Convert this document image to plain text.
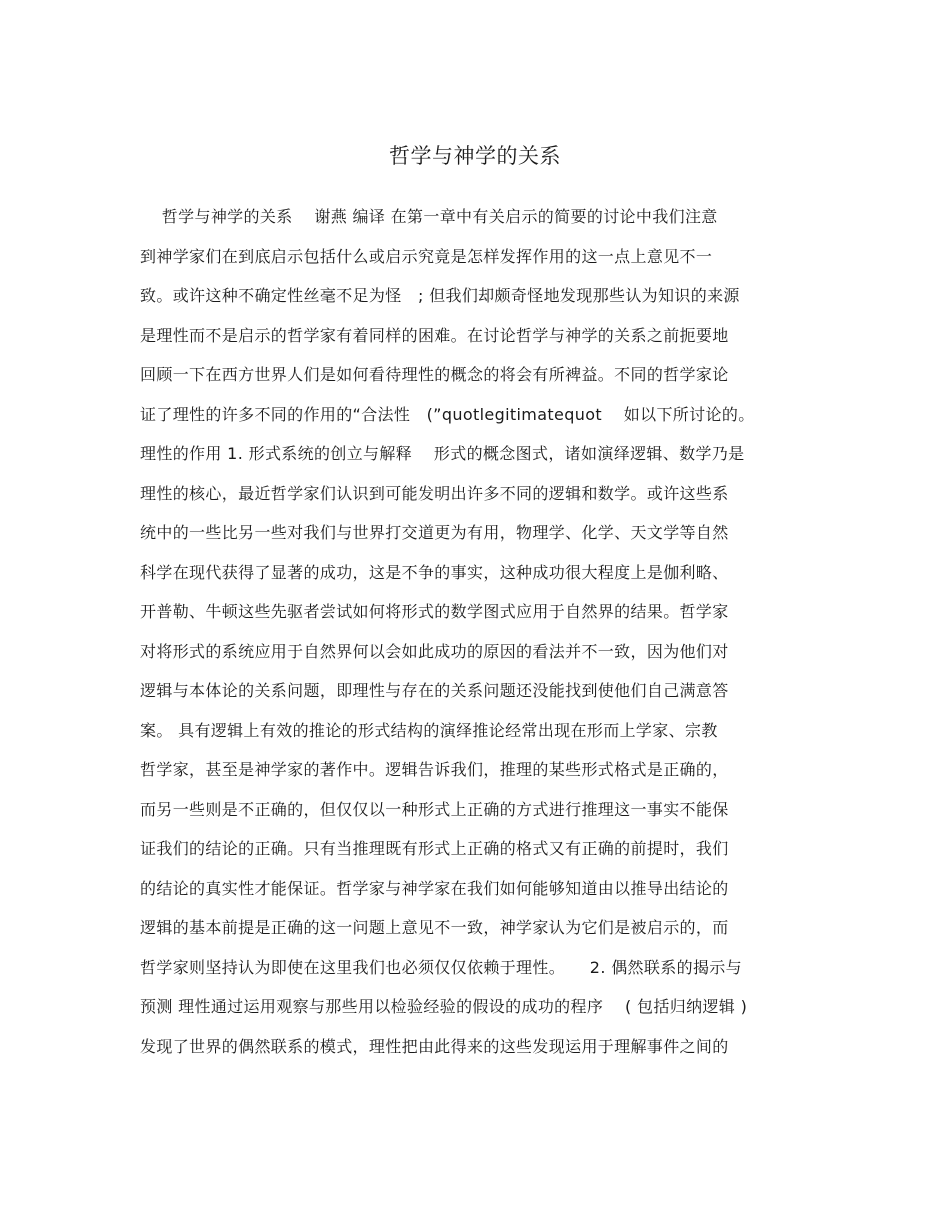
哲学与神学的关系
　 哲学与神学的关系　 谢燕 编译 在第一章中有关启示的简要的讨论中我们注意
到神学家们在到底启示包括什么或启示究竟是怎样发挥作用的这一点上意见不一
致。或许这种不确定性丝毫不足为怪　; 但我们却颇奇怪地发现那些认为知识的来源
是理性而不是启示的哲学家有着同样的困难。在讨论哲学与神学的关系之前扼要地
回顾一下在西方世界人们是如何看待理性的概念的将会有所裨益。不同的哲学家论
证了理性的许多不同的作用的“合法性　(”quotlegitimatequot　 如以下所讨论的。
理性的作用 1. 形式系统的创立与解释　 形式的概念图式，诸如演绎逻辑、数学乃是
理性的核心，最近哲学家们认识到可能发明出许多不同的逻辑和数学。或许这些系
统中的一些比另一些对我们与世界打交道更为有用，物理学、化学、天文学等自然
科学在现代获得了显著的成功，这是不争的事实，这种成功很大程度上是伽利略、
开普勒、牛顿这些先驱者尝试如何将形式的数学图式应用于自然界的结果。哲学家
对将形式的系统应用于自然界何以会如此成功的原因的看法并不一致，因为他们对
逻辑与本体论的关系问题，即理性与存在的关系问题还没能找到使他们自己满意答
案。 具有逻辑上有效的推论的形式结构的演绎推论经常出现在形而上学家、宗教
哲学家，甚至是神学家的著作中。逻辑告诉我们，推理的某些形式格式是正确的，
而另一些则是不正确的，但仅仅以一种形式上正确的方式进行推理这一事实不能保
证我们的结论的正确。只有当推理既有形式上正确的格式又有正确的前提时，我们
的结论的真实性才能保证。哲学家与神学家在我们如何能够知道由以推导出结论的
逻辑的基本前提是正确的这一问题上意见不一致，神学家认为它们是被启示的，而
哲学家则坚持认为即使在这里我们也必须仅仅依赖于理性。　　2. 偶然联系的揭示与
预测 理性通过运用观察与那些用以检验经验的假设的成功的程序　 ( 包括归纳逻辑 )
发现了世界的偶然联系的模式，理性把由此得来的这些发现运用于理解事件之间的
